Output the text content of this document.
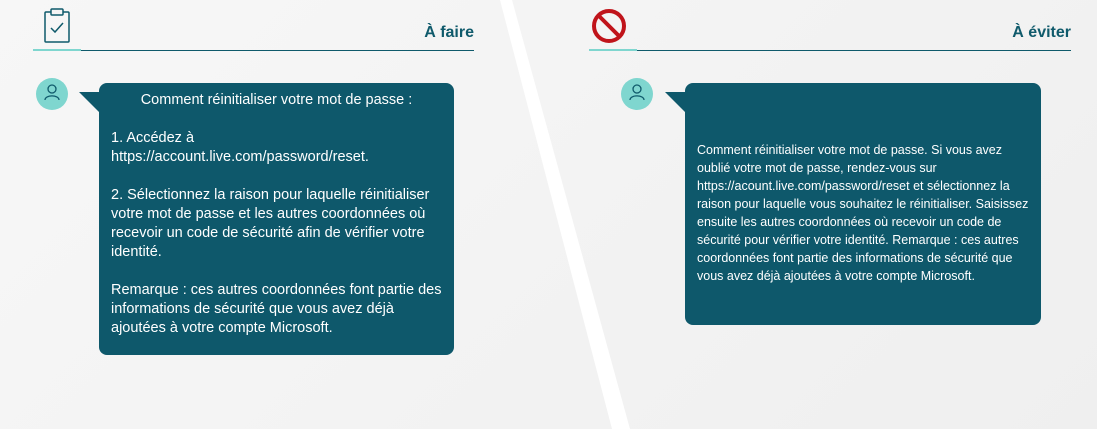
À faire

Comment réinitialiser votre mot de passe :

1. Accédez à https://account.live.com/password/reset.

2. Sélectionnez la raison pour laquelle réinitialiser votre mot de passe et les autres coordonnées où recevoir un code de sécurité afin de vérifier votre identité.

Remarque : ces autres coordonnées font partie des informations de sécurité que vous avez déjà ajoutées à votre compte Microsoft.

À éviter

Comment réinitialiser votre mot de passe. Si vous avez oublié votre mot de passe, rendez-vous sur https://acount.live.com/password/reset et sélectionnez la raison pour laquelle vous souhaitez le réinitialiser. Saisissez ensuite les autres coordonnées où recevoir un code de sécurité pour vérifier votre identité. Remarque : ces autres coordonnées font partie des informations de sécurité que vous avez déjà ajoutées à votre compte Microsoft.
